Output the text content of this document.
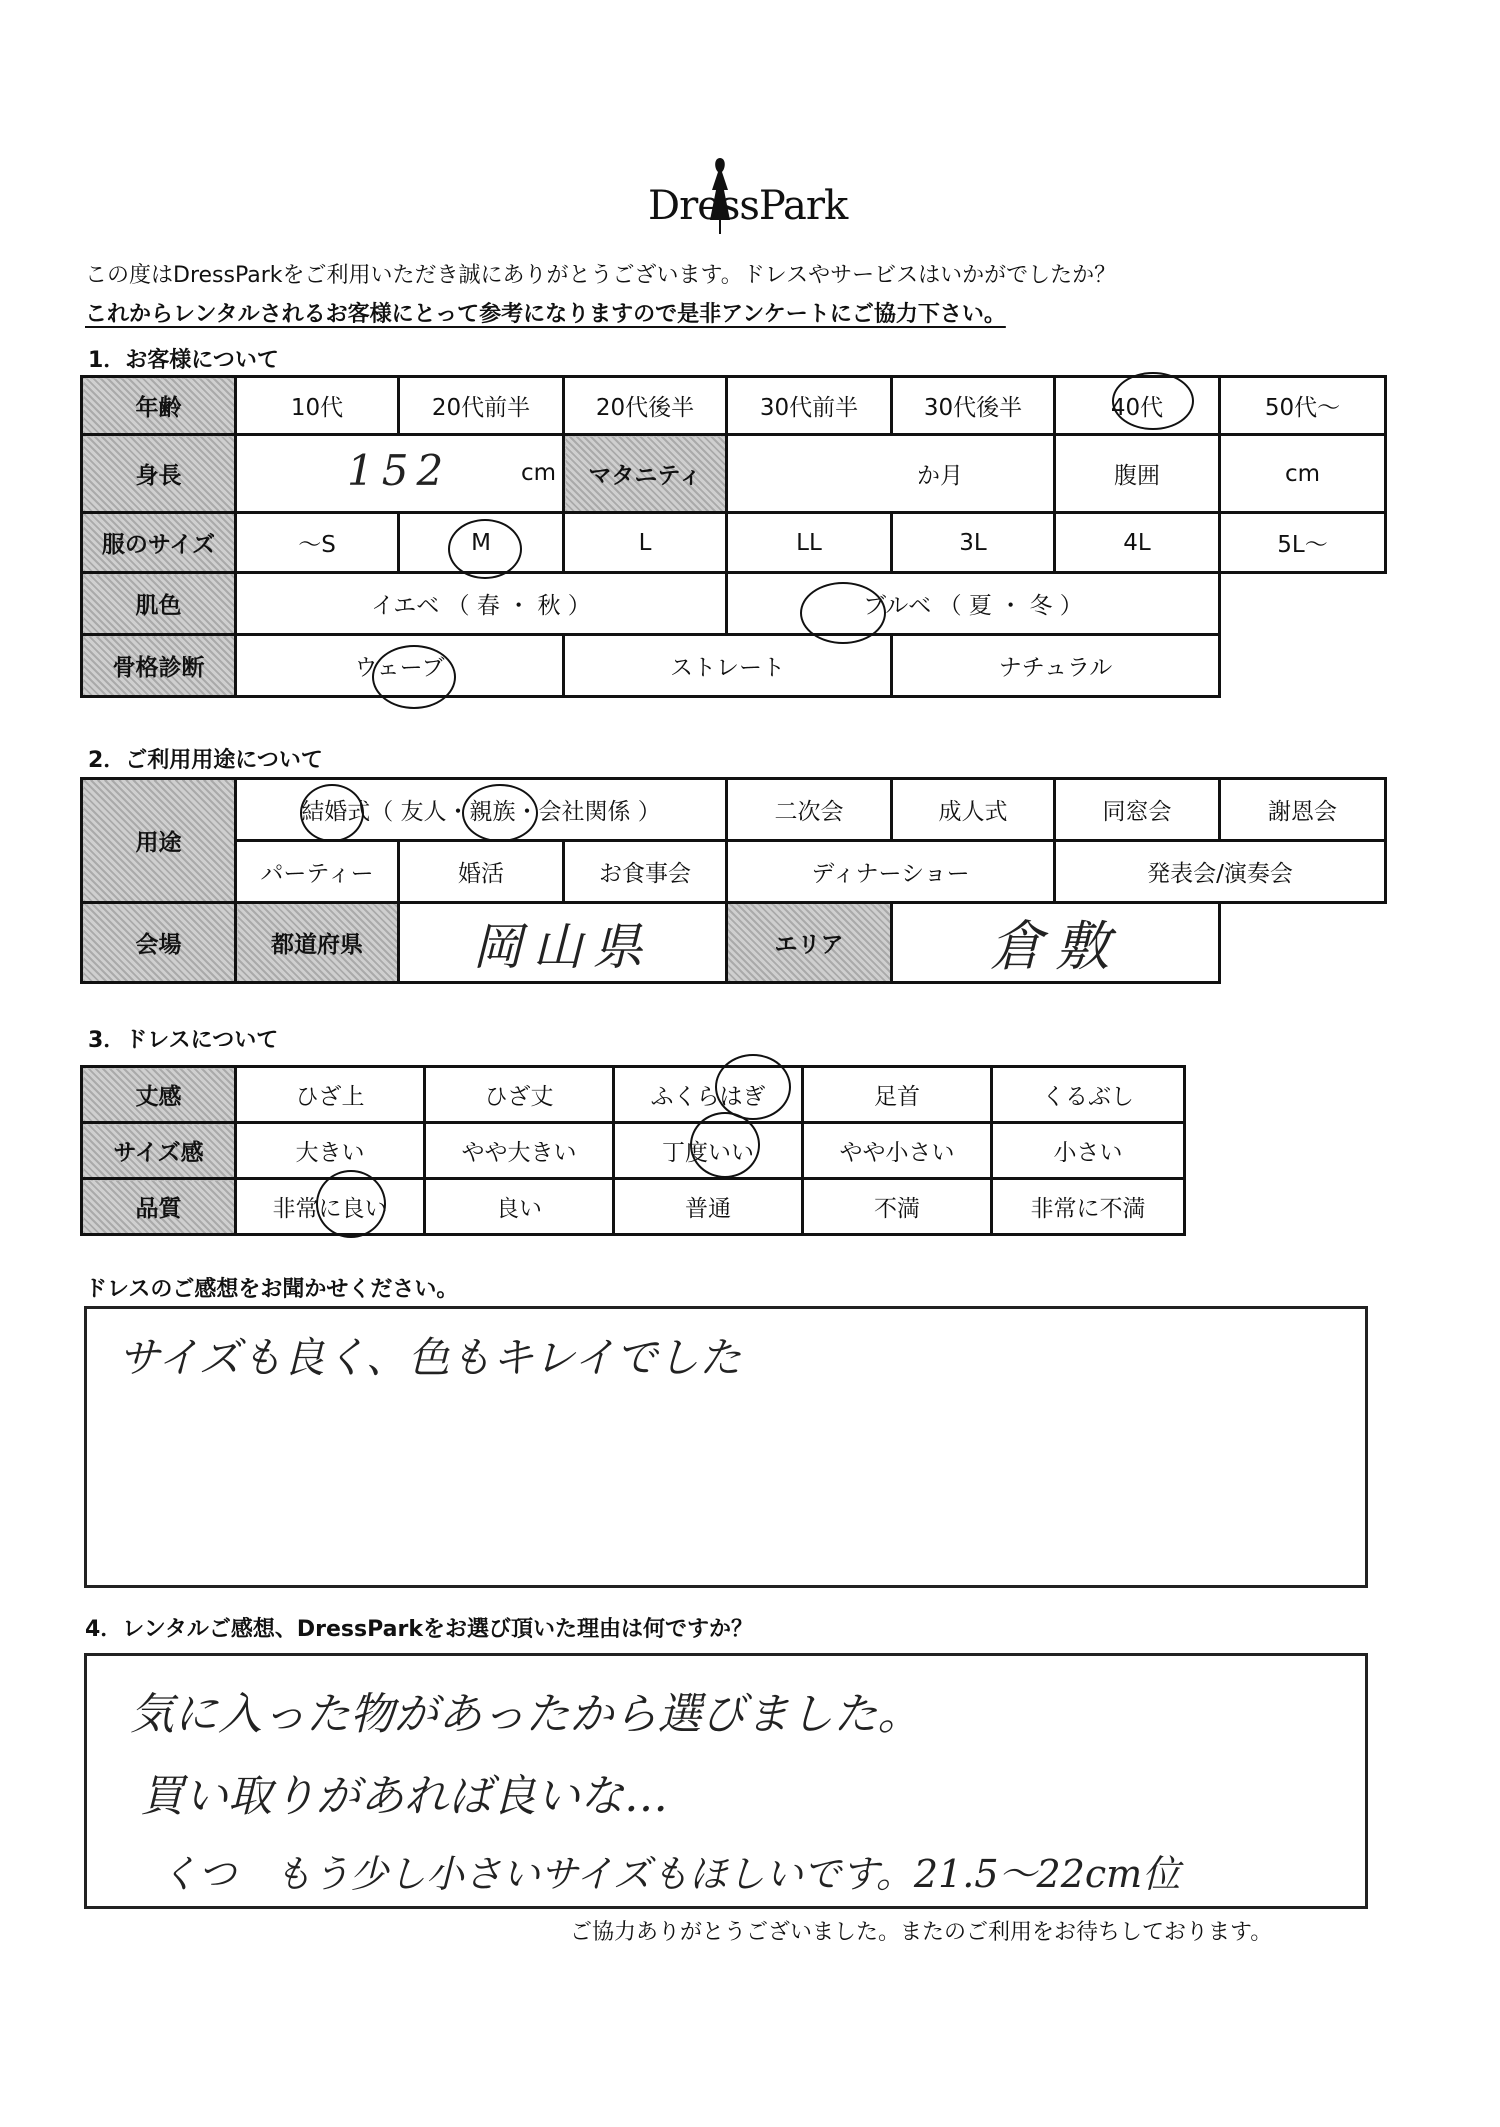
DressPark
この度はDressParkをご利用いただき誠にありがとうございます。ドレスやサービスはいかがでしたか？
これからレンタルされるお客様にとって参考になりますので是非アンケートにご協力下さい。
1．お客様について
年齢	10代	20代前半	20代後半	30代前半	30代後半	40代	50代～
身長	152 cm		マタニティ	か月		腹囲	cm
服のサイズ	～S	M	L	LL	3L	4L	5L～
肌色	イエベ （ 春 ・ 秋 ）			ブルベ （ 夏 ・ 冬 ）			
骨格診断	ウェーブ		ストレート		ナチュラル		
2．ご利用用途について
用途	結婚式（ 友人・親族・会社関係 ）			二次会	成人式	同窓会	謝恩会
	パーティー	婚活	お食事会	ディナーショー		発表会/演奏会	
会場	都道府県	岡山県		エリア	倉敷		
3．ドレスについて
丈感	ひざ上	ひざ丈	ふくらはぎ	足首	くるぶし
サイズ感	大きい	やや大きい	丁度いい	やや小さい	小さい
品質	非常に良い	良い	普通	不満	非常に不満
ドレスのご感想をお聞かせください。
サイズも良く、色もキレイでした
4．レンタルご感想、DressParkをお選び頂いた理由は何ですか？
気に入った物があったから選びました。
買い取りがあれば良いな…
くつ　もう少し小さいサイズもほしいです。21.5～22cm位
ご協力ありがとうございました。またのご利用をお待ちしております。
